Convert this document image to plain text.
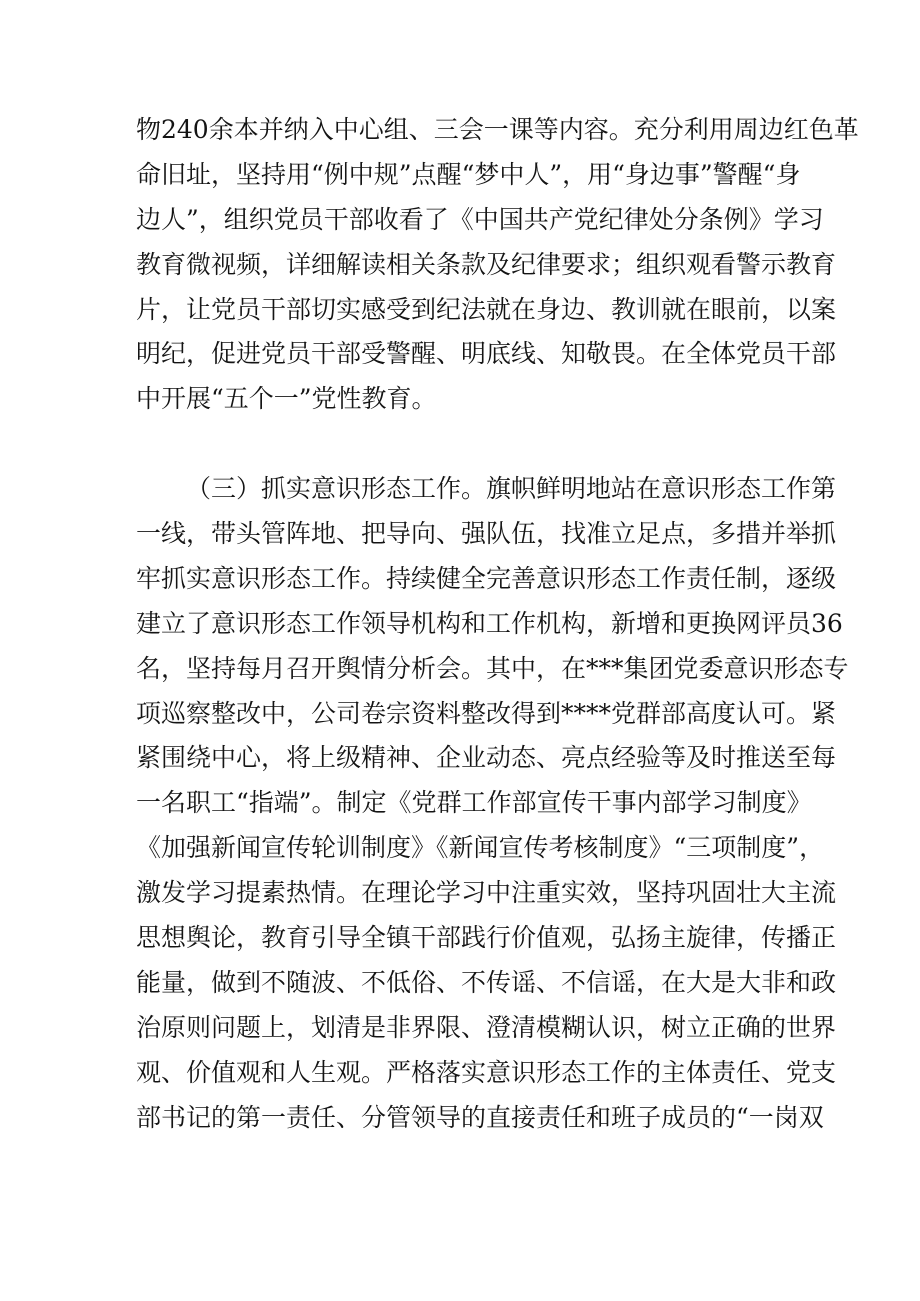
物240余本并纳入中心组、三会一课等内容。充分利用周边红色革
命旧址，坚持用“例中规”点醒“梦中人”，用“身边事”警醒“身
边人”，组织党员干部收看了《中国共产党纪律处分条例》学习
教育微视频，详细解读相关条款及纪律要求；组织观看警示教育
片，让党员干部切实感受到纪法就在身边、教训就在眼前，以案
明纪，促进党员干部受警醒、明底线、知敬畏。在全体党员干部
中开展“五个一”党性教育。
（三）抓实意识形态工作。旗帜鲜明地站在意识形态工作第
一线，带头管阵地、把导向、强队伍，找准立足点，多措并举抓
牢抓实意识形态工作。持续健全完善意识形态工作责任制，逐级
建立了意识形态工作领导机构和工作机构，新增和更换网评员36
名，坚持每月召开舆情分析会。其中，在***集团党委意识形态专
项巡察整改中，公司卷宗资料整改得到****党群部高度认可。紧
紧围绕中心，将上级精神、企业动态、亮点经验等及时推送至每
一名职工“指端”。制定《党群工作部宣传干事内部学习制度》
《加强新闻宣传轮训制度》《新闻宣传考核制度》“三项制度”，
激发学习提素热情。在理论学习中注重实效，坚持巩固壮大主流
思想舆论，教育引导全镇干部践行价值观，弘扬主旋律，传播正
能量，做到不随波、不低俗、不传谣、不信谣，在大是大非和政
治原则问题上，划清是非界限、澄清模糊认识，树立正确的世界
观、价值观和人生观。严格落实意识形态工作的主体责任、党支
部书记的第一责任、分管领导的直接责任和班子成员的“一岗双
